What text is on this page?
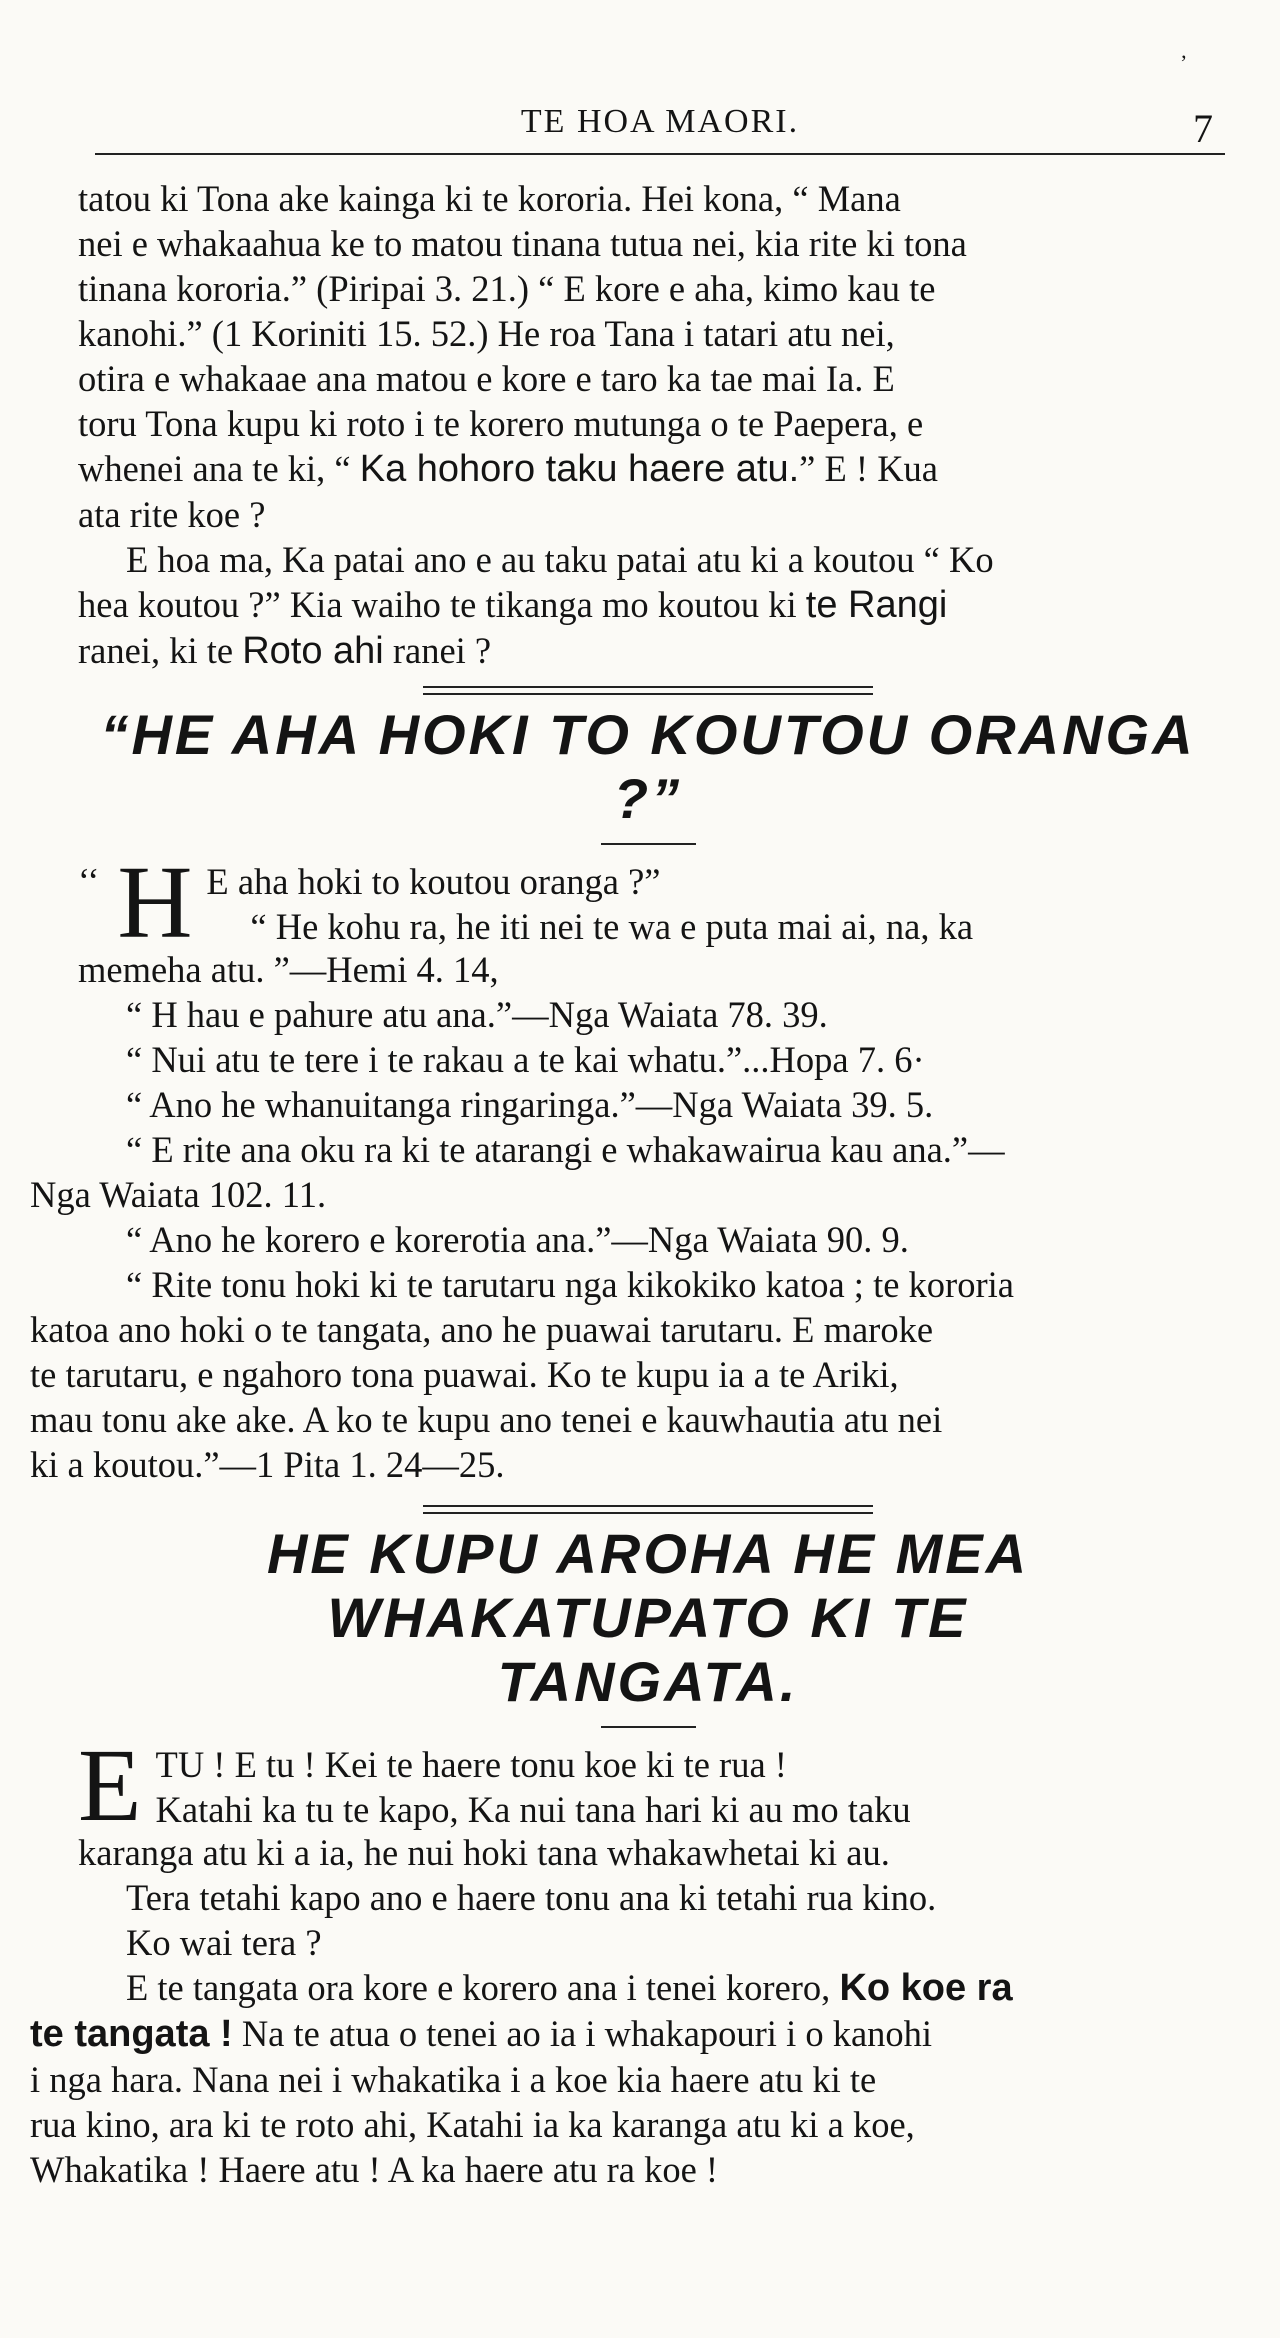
’
TE HOA MAORI.	7

tatou ki Tona ake kainga ki te kororia. Hei kona, “ Mana
nei e whakaahua ke to matou tinana tutua nei, kia rite ki tona
tinana kororia.” (Piripai 3. 21.) “ E kore e aha, kimo kau te
kanohi.” (1 Koriniti 15. 52.) He roa Tana i tatari atu nei,
otira e whakaae ana matou e kore e taro ka tae mai Ia. E
toru Tona kupu ki roto i te korero mutunga o te Paepera, e
whenei ana te ki, “ Ka hohoro taku haere atu.” E ! Kua
ata rite koe ?

E hoa ma, Ka patai ano e au taku patai atu ki a koutou “ Ko
hea koutou ?” Kia waiho te tikanga mo koutou ki te Rangi
ranei, ki te Roto ahi ranei ?

“HE AHA HOKI TO KOUTOU ORANGA ?”
‘‘ H E aha hoki to koutou oranga ?”
“ He kohu ra, he iti nei te wa e puta mai ai, na, ka

memeha atu. ”—Hemi 4. 14,

“ H hau e pahure atu ana.”—Nga Waiata 78. 39.

“ Nui atu te tere i te rakau a te kai whatu.”...Hopa 7. 6·

“ Ano he whanuitanga ringaringa.”—Nga Waiata 39. 5.

“ E rite ana oku ra ki te atarangi e whakawairua kau ana.”—
Nga Waiata 102. 11.

“ Ano he korero e korerotia ana.”—Nga Waiata 90. 9.

“ Rite tonu hoki ki te tarutaru nga kikokiko katoa ; te kororia
katoa ano hoki o te tangata, ano he puawai tarutaru. E maroke
te tarutaru, e ngahoro tona puawai. Ko te kupu ia a te Ariki,
mau tonu ake ake. A ko te kupu ano tenei e kauwhautia atu nei
ki a koutou.”—1 Pita 1. 24—25.

HE KUPU AROHA HE MEA WHAKATUPATO KI TE
TANGATA.
E TU ! E tu ! Kei te haere tonu koe ki te rua !
Katahi ka tu te kapo, Ka nui tana hari ki au mo taku

karanga atu ki a ia, he nui hoki tana whakawhetai ki au.

Tera tetahi kapo ano e haere tonu ana ki tetahi rua kino.

Ko wai tera ?

E te tangata ora kore e korero ana i tenei korero, Ko koe ra
te tangata ! Na te atua o tenei ao ia i whakapouri i o kanohi
i nga hara. Nana nei i whakatika i a koe kia haere atu ki te
rua kino, ara ki te roto ahi, Katahi ia ka karanga atu ki a koe,
Whakatika ! Haere atu ! A ka haere atu ra koe !
